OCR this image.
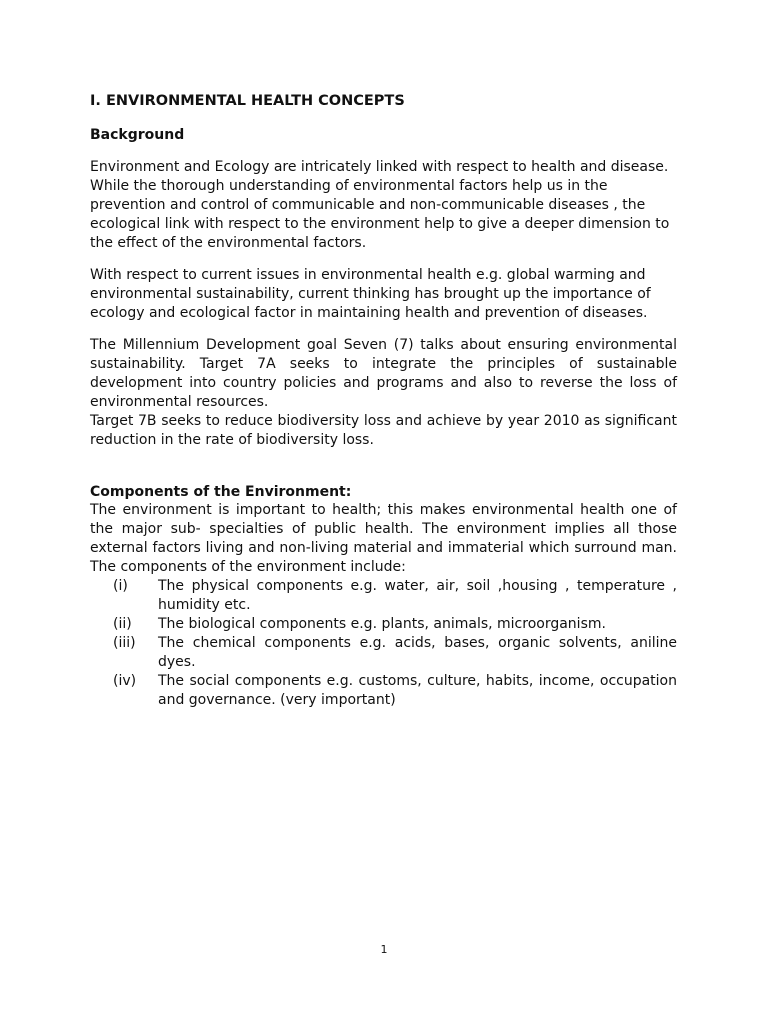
I. ENVIRONMENTAL HEALTH CONCEPTS
Background

Environment and Ecology are intricately linked with respect to health and disease. While the thorough understanding of environmental factors help us in the prevention and control of communicable and non-communicable diseases , the ecological link with respect to the environment help to give a deeper dimension to the effect of the environmental factors.

With respect to current issues in environmental health e.g. global warming and environmental sustainability, current thinking has brought up the importance of ecology and ecological factor in maintaining health and prevention of diseases.

The Millennium Development goal Seven (7) talks about ensuring environmental sustainability. Target 7A seeks to integrate the principles of sustainable development into country policies and programs and also to reverse the loss of environmental resources.

Target 7B seeks to reduce biodiversity loss and achieve by year 2010 as significant reduction in the rate of biodiversity loss.

Components of the Environment:

The environment is important to health; this makes environmental health one of the major sub- specialties of public health. The environment implies all those external factors living and non-living material and immaterial which surround man. The components of the environment include:

(i) The physical components e.g. water, air, soil ,housing , temperature , humidity etc.
(ii) The biological components e.g. plants, animals, microorganism.
(iii) The chemical components e.g. acids, bases, organic solvents, aniline dyes.
(iv) The social components e.g. customs, culture, habits, income, occupation and governance. (very important)
1
